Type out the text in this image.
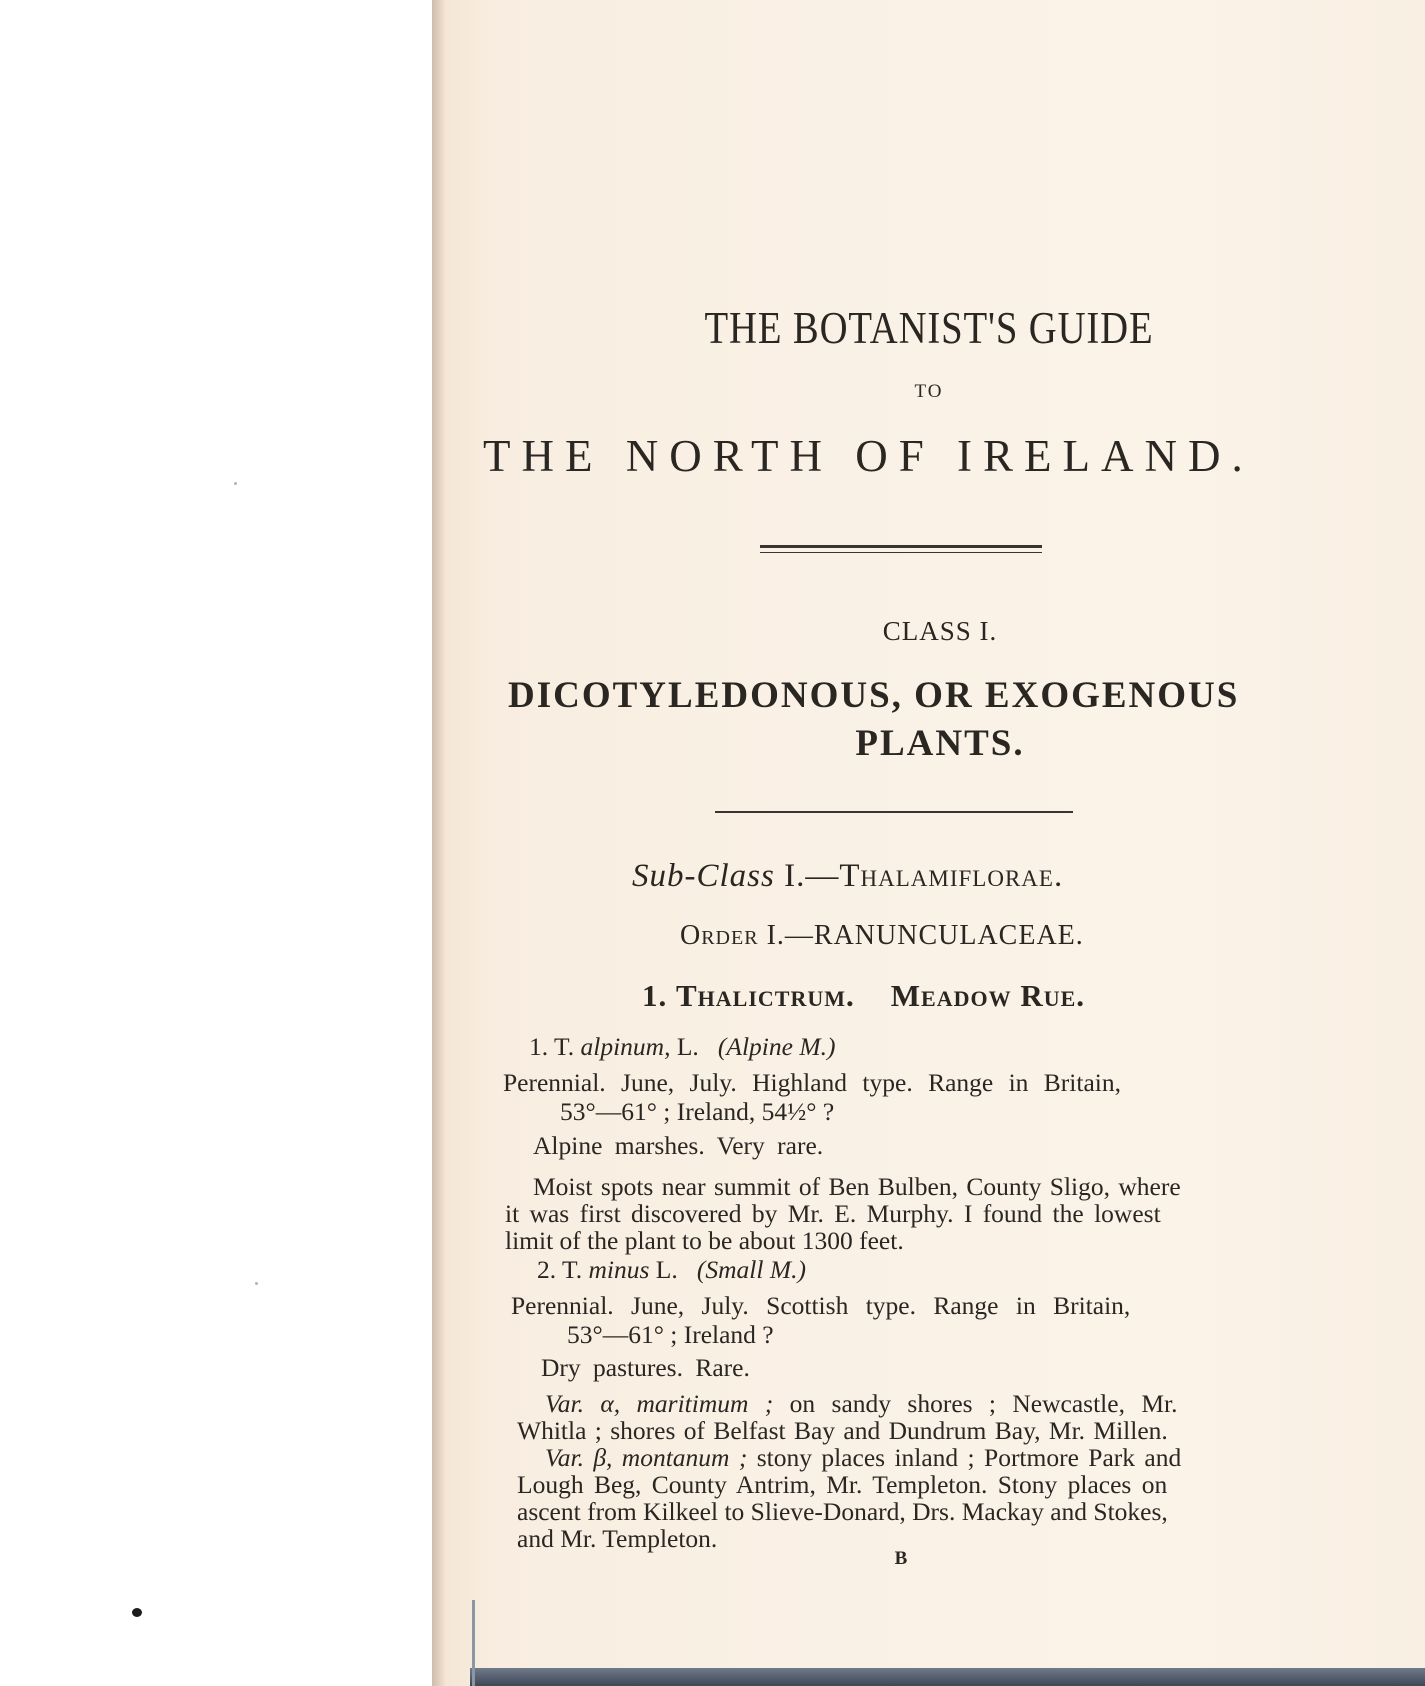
THE BOTANIST'S GUIDE
TO
THE NORTH OF IRELAND.
CLASS I.
DICOTYLEDONOUS, OR EXOGENOUS
PLANTS.
Sub-Class I.—Thalamiflorae.
Order I.—RANUNCULACEAE.
1. Thalictrum. Meadow Rue.
1. T. alpinum, L. (Alpine M.)
Perennial. June, July. Highland type. Range in Britain,
53°—61° ; Ireland, 54½° ?
Alpine marshes. Very rare.
Moist spots near summit of Ben Bulben, County Sligo, where
it was first discovered by Mr. E. Murphy. I found the lowest
limit of the plant to be about 1300 feet.
2. T. minus L. (Small M.)
Perennial. June, July. Scottish type. Range in Britain,
53°—61° ; Ireland ?
Dry pastures. Rare.
Var. α, maritimum ; on sandy shores ; Newcastle, Mr.
Whitla ; shores of Belfast Bay and Dundrum Bay, Mr. Millen.
Var. β, montanum ; stony places inland ; Portmore Park and
Lough Beg, County Antrim, Mr. Templeton. Stony places on
ascent from Kilkeel to Slieve-Donard, Drs. Mackay and Stokes,
and Mr. Templeton.
B
